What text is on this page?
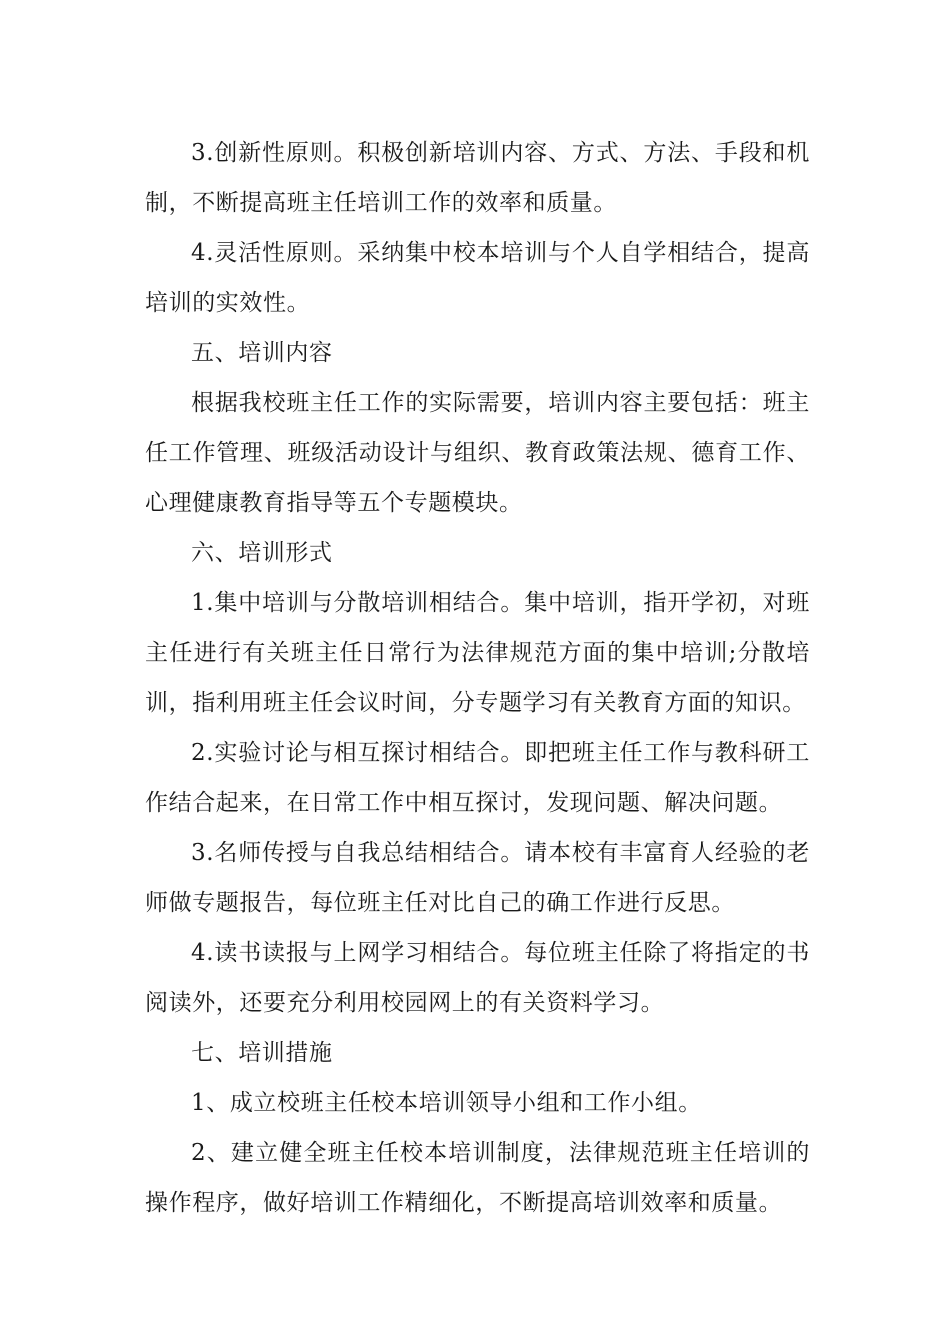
3.创新性原则。积极创新培训内容、方式、方法、手段和机制，不断提高班主任培训工作的效率和质量。

4.灵活性原则。采纳集中校本培训与个人自学相结合，提高培训的实效性。

五、培训内容

根据我校班主任工作的实际需要，培训内容主要包括：班主任工作管理、班级活动设计与组织、教育政策法规、德育工作、心理健康教育指导等五个专题模块。

六、培训形式

1.集中培训与分散培训相结合。集中培训，指开学初，对班主任进行有关班主任日常行为法律规范方面的集中培训;分散培训，指利用班主任会议时间，分专题学习有关教育方面的知识。

2.实验讨论与相互探讨相结合。即把班主任工作与教科研工作结合起来，在日常工作中相互探讨，发现问题、解决问题。

3.名师传授与自我总结相结合。请本校有丰富育人经验的老师做专题报告，每位班主任对比自己的确工作进行反思。

4.读书读报与上网学习相结合。每位班主任除了将指定的书阅读外，还要充分利用校园网上的有关资料学习。

七、培训措施

1、成立校班主任校本培训领导小组和工作小组。

2、建立健全班主任校本培训制度，法律规范班主任培训的操作程序，做好培训工作精细化，不断提高培训效率和质量。
